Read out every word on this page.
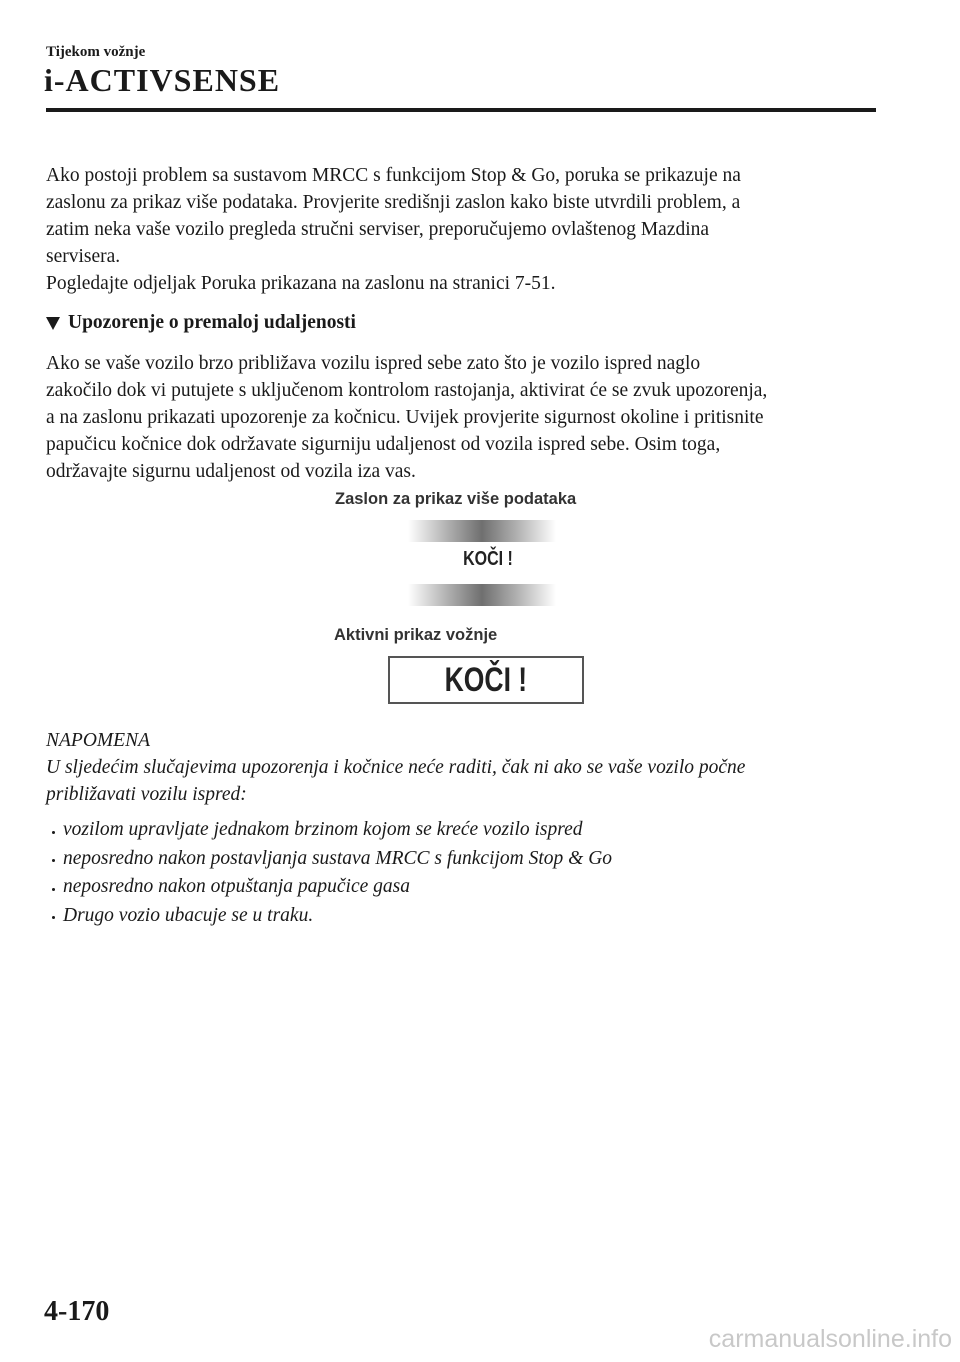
Tijekom vožnje
i-ACTIVSENSE
Ako postoji problem sa sustavom MRCC s funkcijom Stop & Go, poruka se prikazuje na
zaslonu za prikaz više podataka. Provjerite središnji zaslon kako biste utvrdili problem, a
zatim neka vaše vozilo pregleda stručni serviser, preporučujemo ovlaštenog Mazdina
servisera.
Pogledajte odjeljak Poruka prikazana na zaslonu na stranici 7-51.
Upozorenje o premaloj udaljenosti
Ako se vaše vozilo brzo približava vozilu ispred sebe zato što je vozilo ispred naglo
zakočilo dok vi putujete s uključenom kontrolom rastojanja, aktivirat će se zvuk upozorenja,
a na zaslonu prikazati upozorenje za kočnicu. Uvijek provjerite sigurnost okoline i pritisnite
papučicu kočnice dok održavate sigurniju udaljenost od vozila ispred sebe. Osim toga,
održavajte sigurnu udaljenost od vozila iza vas.
Zaslon za prikaz više podataka
KOČI !
Aktivni prikaz vožnje
KOČI !
NAPOMENA
U sljedećim slučajevima upozorenja i kočnice neće raditi, čak ni ako se vaše vozilo počne
približavati vozilu ispred:
vozilom upravljate jednakom brzinom kojom se kreće vozilo ispred
neposredno nakon postavljanja sustava MRCC s funkcijom Stop & Go
neposredno nakon otpuštanja papučice gasa
Drugo vozio ubacuje se u traku.
4-170
carmanualsonline.info
